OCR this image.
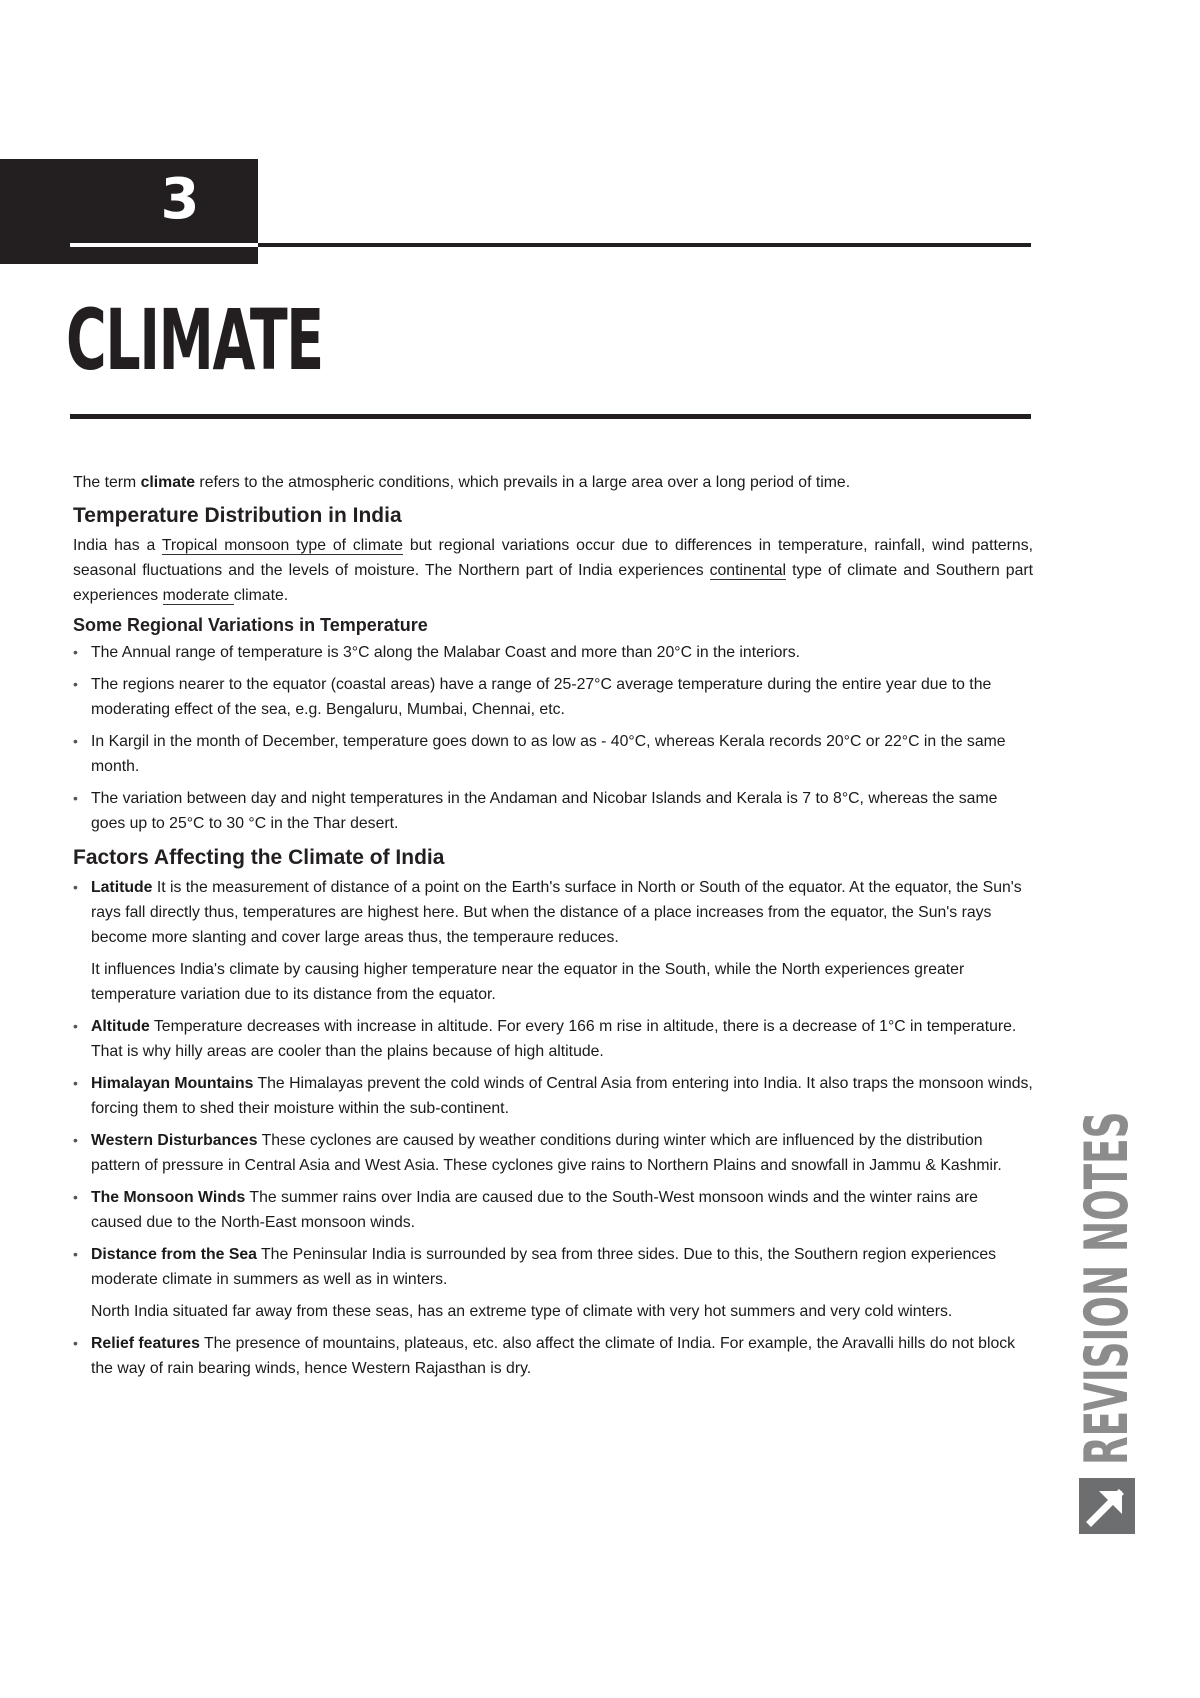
3
CLIMATE

The term climate refers to the atmospheric conditions, which prevails in a large area over a long period of time.

Temperature Distribution in India

India has a Tropical monsoon type of climate but regional variations occur due to differences in temperature, rainfall, wind patterns, seasonal fluctuations and the levels of moisture. The Northern part of India experiences continental type of climate and Southern part experiences moderate climate.

Some Regional Variations in Temperature
• The Annual range of temperature is 3°C along the Malabar Coast and more than 20°C in the interiors.
• The regions nearer to the equator (coastal areas) have a range of 25-27°C average temperature during the entire year due to the moderating effect of the sea, e.g. Bengaluru, Mumbai, Chennai, etc.
• In Kargil in the month of December, temperature goes down to as low as - 40°C, whereas Kerala records 20°C or 22°C in the same month.
• The variation between day and night temperatures in the Andaman and Nicobar Islands and Kerala is 7 to 8°C, whereas the same goes up to 25°C to 30 °C in the Thar desert.
Factors Affecting the Climate of India
• Latitude It is the measurement of distance of a point on the Earth's surface in North or South of the equator. At the equator, the Sun's rays fall directly thus, temperatures are highest here. But when the distance of a place increases from the equator, the Sun's rays become more slanting and cover large areas thus, the temperaure reduces.
It influences India's climate by causing higher temperature near the equator in the South, while the North experiences greater temperature variation due to its distance from the equator.
• Altitude Temperature decreases with increase in altitude. For every 166 m rise in altitude, there is a decrease of 1°C in temperature. That is why hilly areas are cooler than the plains because of high altitude.
• Himalayan Mountains The Himalayas prevent the cold winds of Central Asia from entering into India. It also traps the monsoon winds, forcing them to shed their moisture within the sub-continent.
• Western Disturbances These cyclones are caused by weather conditions during winter which are influenced by the distribution pattern of pressure in Central Asia and West Asia. These cyclones give rains to Northern Plains and snowfall in Jammu & Kashmir.
• The Monsoon Winds The summer rains over India are caused due to the South-West monsoon winds and the winter rains are caused due to the North-East monsoon winds.
• Distance from the Sea The Peninsular India is surrounded by sea from three sides. Due to this, the Southern region experiences moderate climate in summers as well as in winters.
North India situated far away from these seas, has an extreme type of climate with very hot summers and very cold winters.
• Relief features The presence of mountains, plateaus, etc. also affect the climate of India. For example, the Aravalli hills do not block the way of rain bearing winds, hence Western Rajasthan is dry.	REVISION NOTES
